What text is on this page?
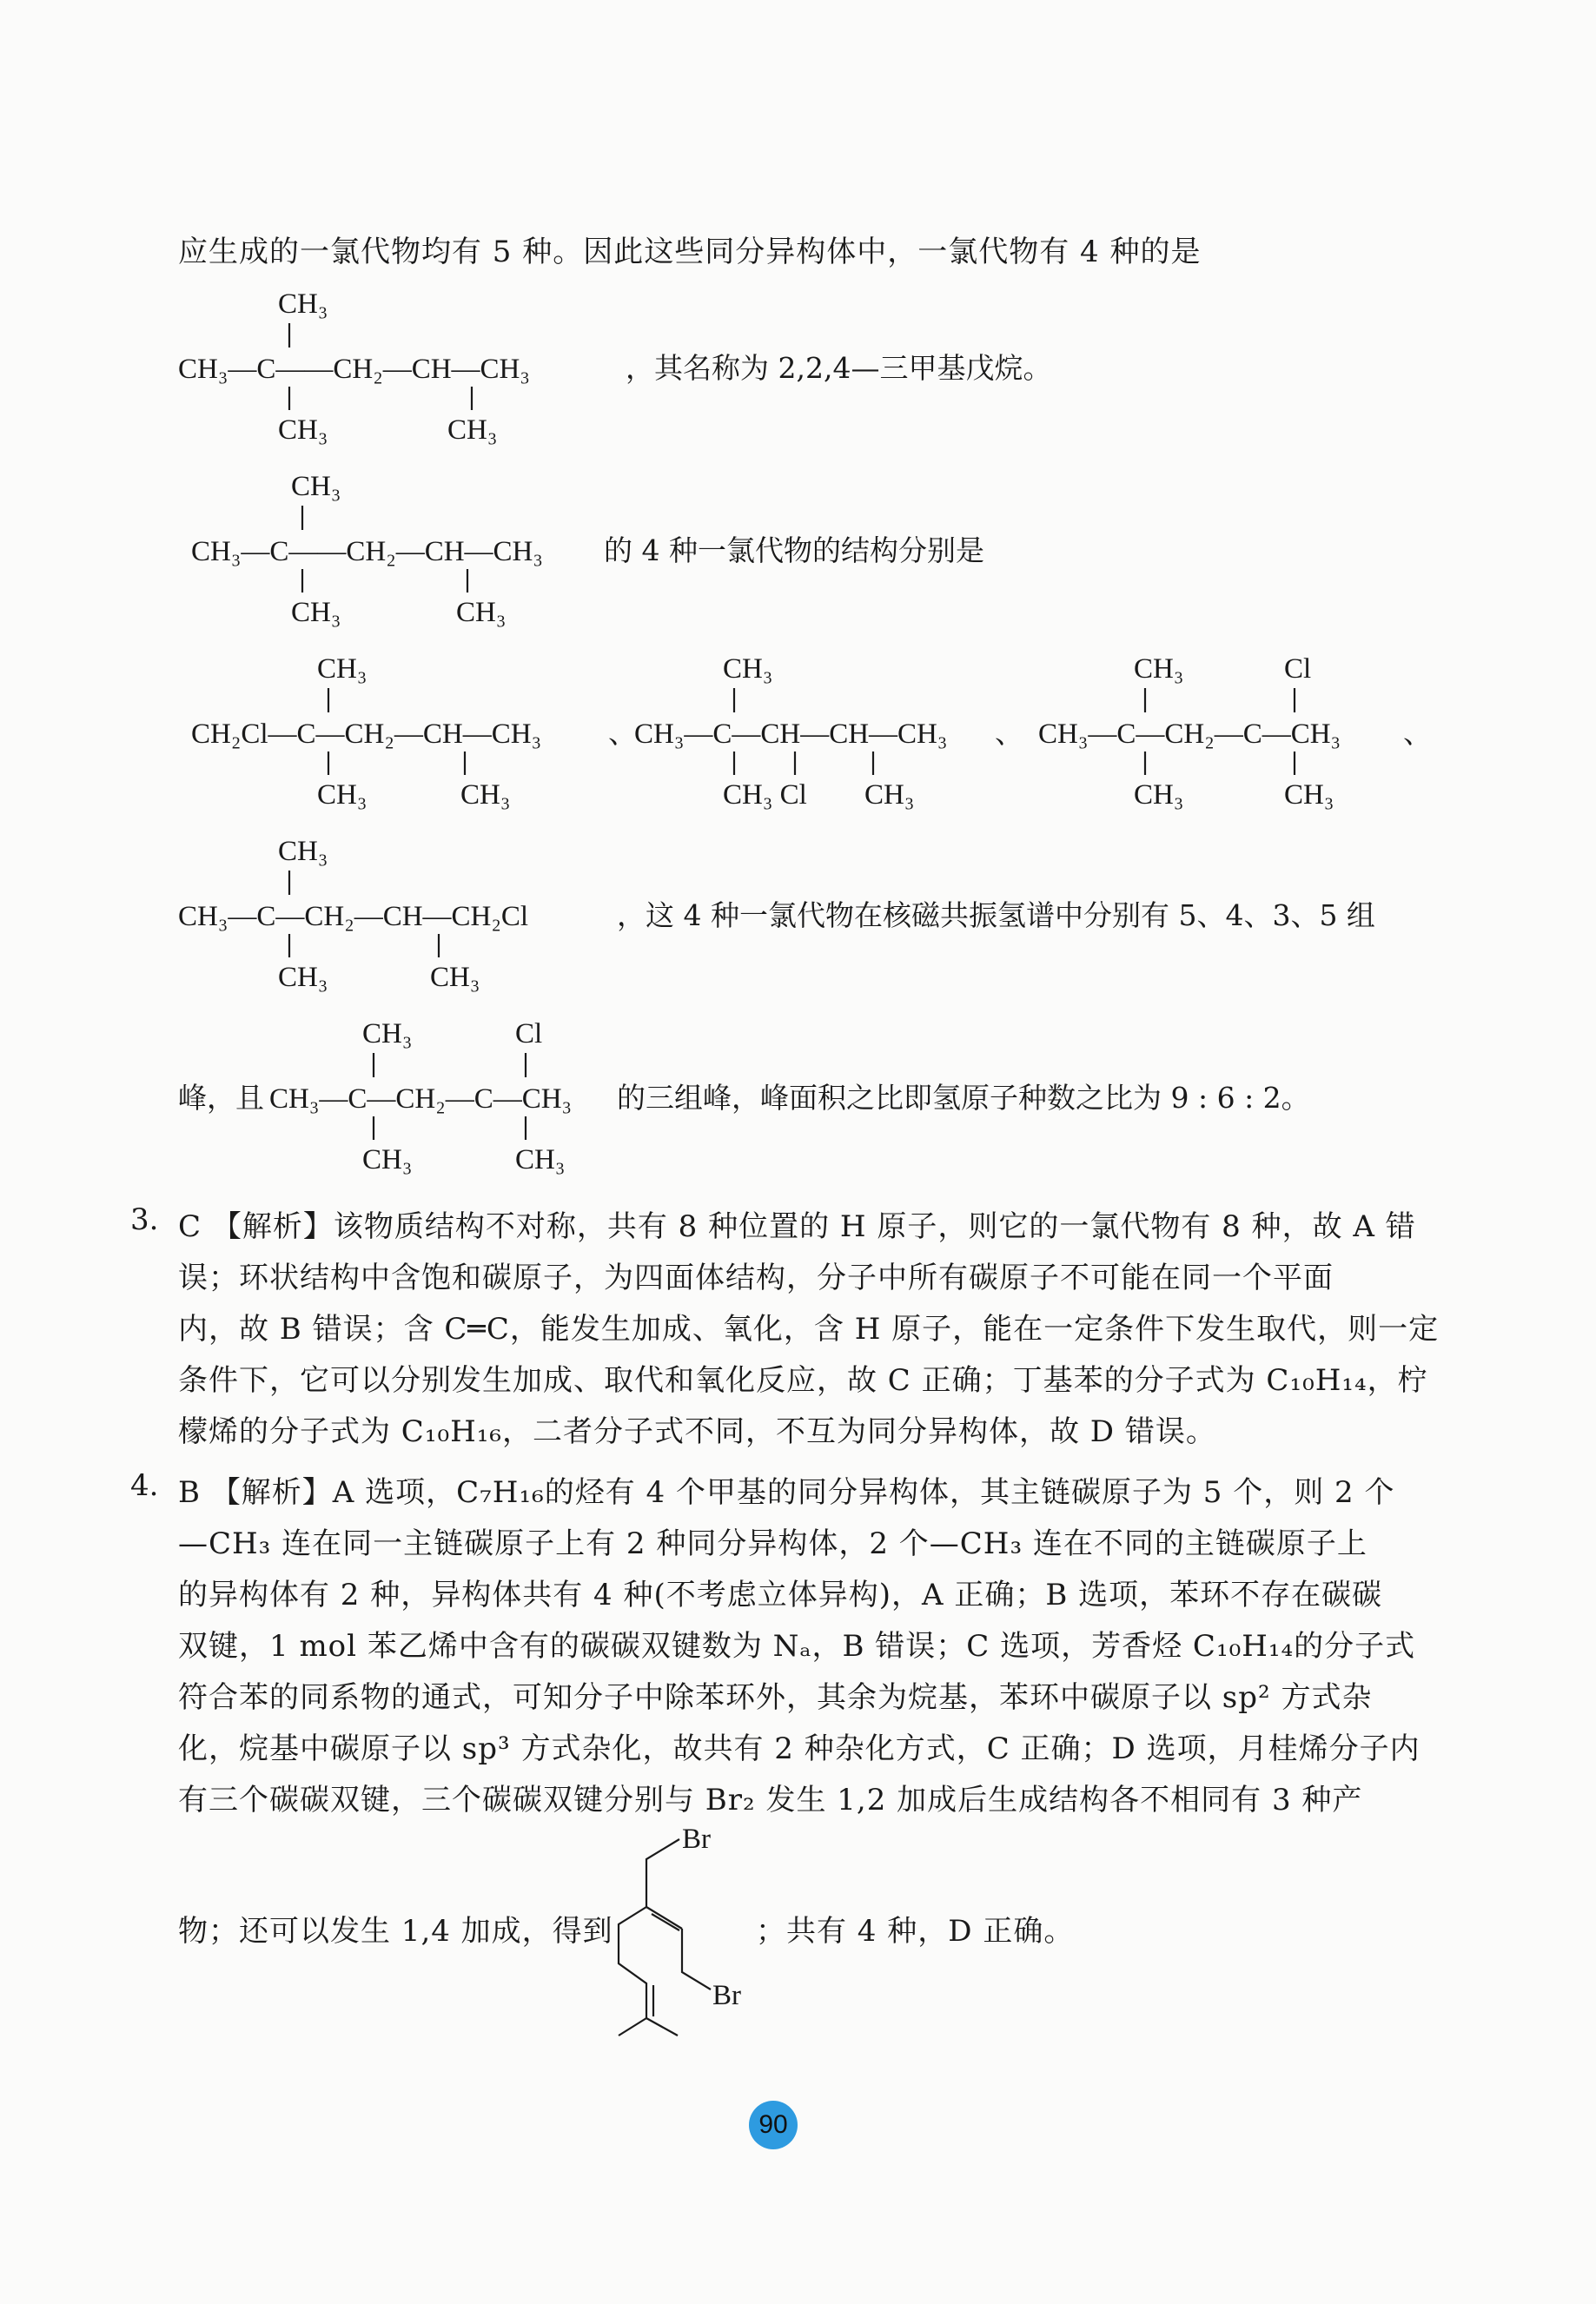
应生成的一氯代物均有 5 种。因此这些同分异构体中，一氯代物有 4 种的是
CH₃
CH₃—C——CH₂—CH—CH₃
CH₃	CH₃
，其名称为 2,2,4—三甲基戊烷。
CH₃
CH₃—C——CH₂—CH—CH₃
CH₃	CH₃
的 4 种一氯代物的结构分别是
CH₃
CH₂Cl—C—CH₂—CH—CH₃
CH₃	CH₃
、
CH₃
CH₃—C—CH—CH—CH₃
CH₃ Cl CH₃
、
CH₃	Cl
CH₃—C—CH₂—C—CH₃
CH₃	CH₃
、
CH₃
CH₃—C—CH₂—CH—CH₂Cl
CH₃	CH₃
，这 4 种一氯代物在核磁共振氢谱中分别有 5、4、3、5 组
峰，且
CH₃	Cl
CH₃—C—CH₂—C—CH₃
CH₃	CH₃
的三组峰，峰面积之比即氢原子种数之比为 9 : 6 : 2。
3. C 【解析】该物质结构不对称，共有 8 种位置的 H 原子，则它的一氯代物有 8 种，故 A 错
误；环状结构中含饱和碳原子，为四面体结构，分子中所有碳原子不可能在同一个平面
内，故 B 错误；含 C═C，能发生加成、氧化，含 H 原子，能在一定条件下发生取代，则一定
条件下，它可以分别发生加成、取代和氧化反应，故 C 正确；丁基苯的分子式为 C₁₀H₁₄，柠
檬烯的分子式为 C₁₀H₁₆，二者分子式不同，不互为同分异构体，故 D 错误。
4. B 【解析】A 选项，C₇H₁₆的烃有 4 个甲基的同分异构体，其主链碳原子为 5 个，则 2 个
—CH₃ 连在同一主链碳原子上有 2 种同分异构体，2 个—CH₃ 连在不同的主链碳原子上
的异构体有 2 种，异构体共有 4 种(不考虑立体异构)，A 正确；B 选项，苯环不存在碳碳
双键，1 mol 苯乙烯中含有的碳碳双键数为 Nₐ，B 错误；C 选项，芳香烃 C₁₀H₁₄的分子式
符合苯的同系物的通式，可知分子中除苯环外，其余为烷基，苯环中碳原子以 sp² 方式杂
化，烷基中碳原子以 sp³ 方式杂化，故共有 2 种杂化方式，C 正确；D 选项，月桂烯分子内
有三个碳碳双键，三个碳碳双键分别与 Br₂ 发生 1,2 加成后生成结构各不相同有 3 种产
物；还可以发生 1,4 加成，得到
Br
Br
；共有 4 种，D 正确。
90
